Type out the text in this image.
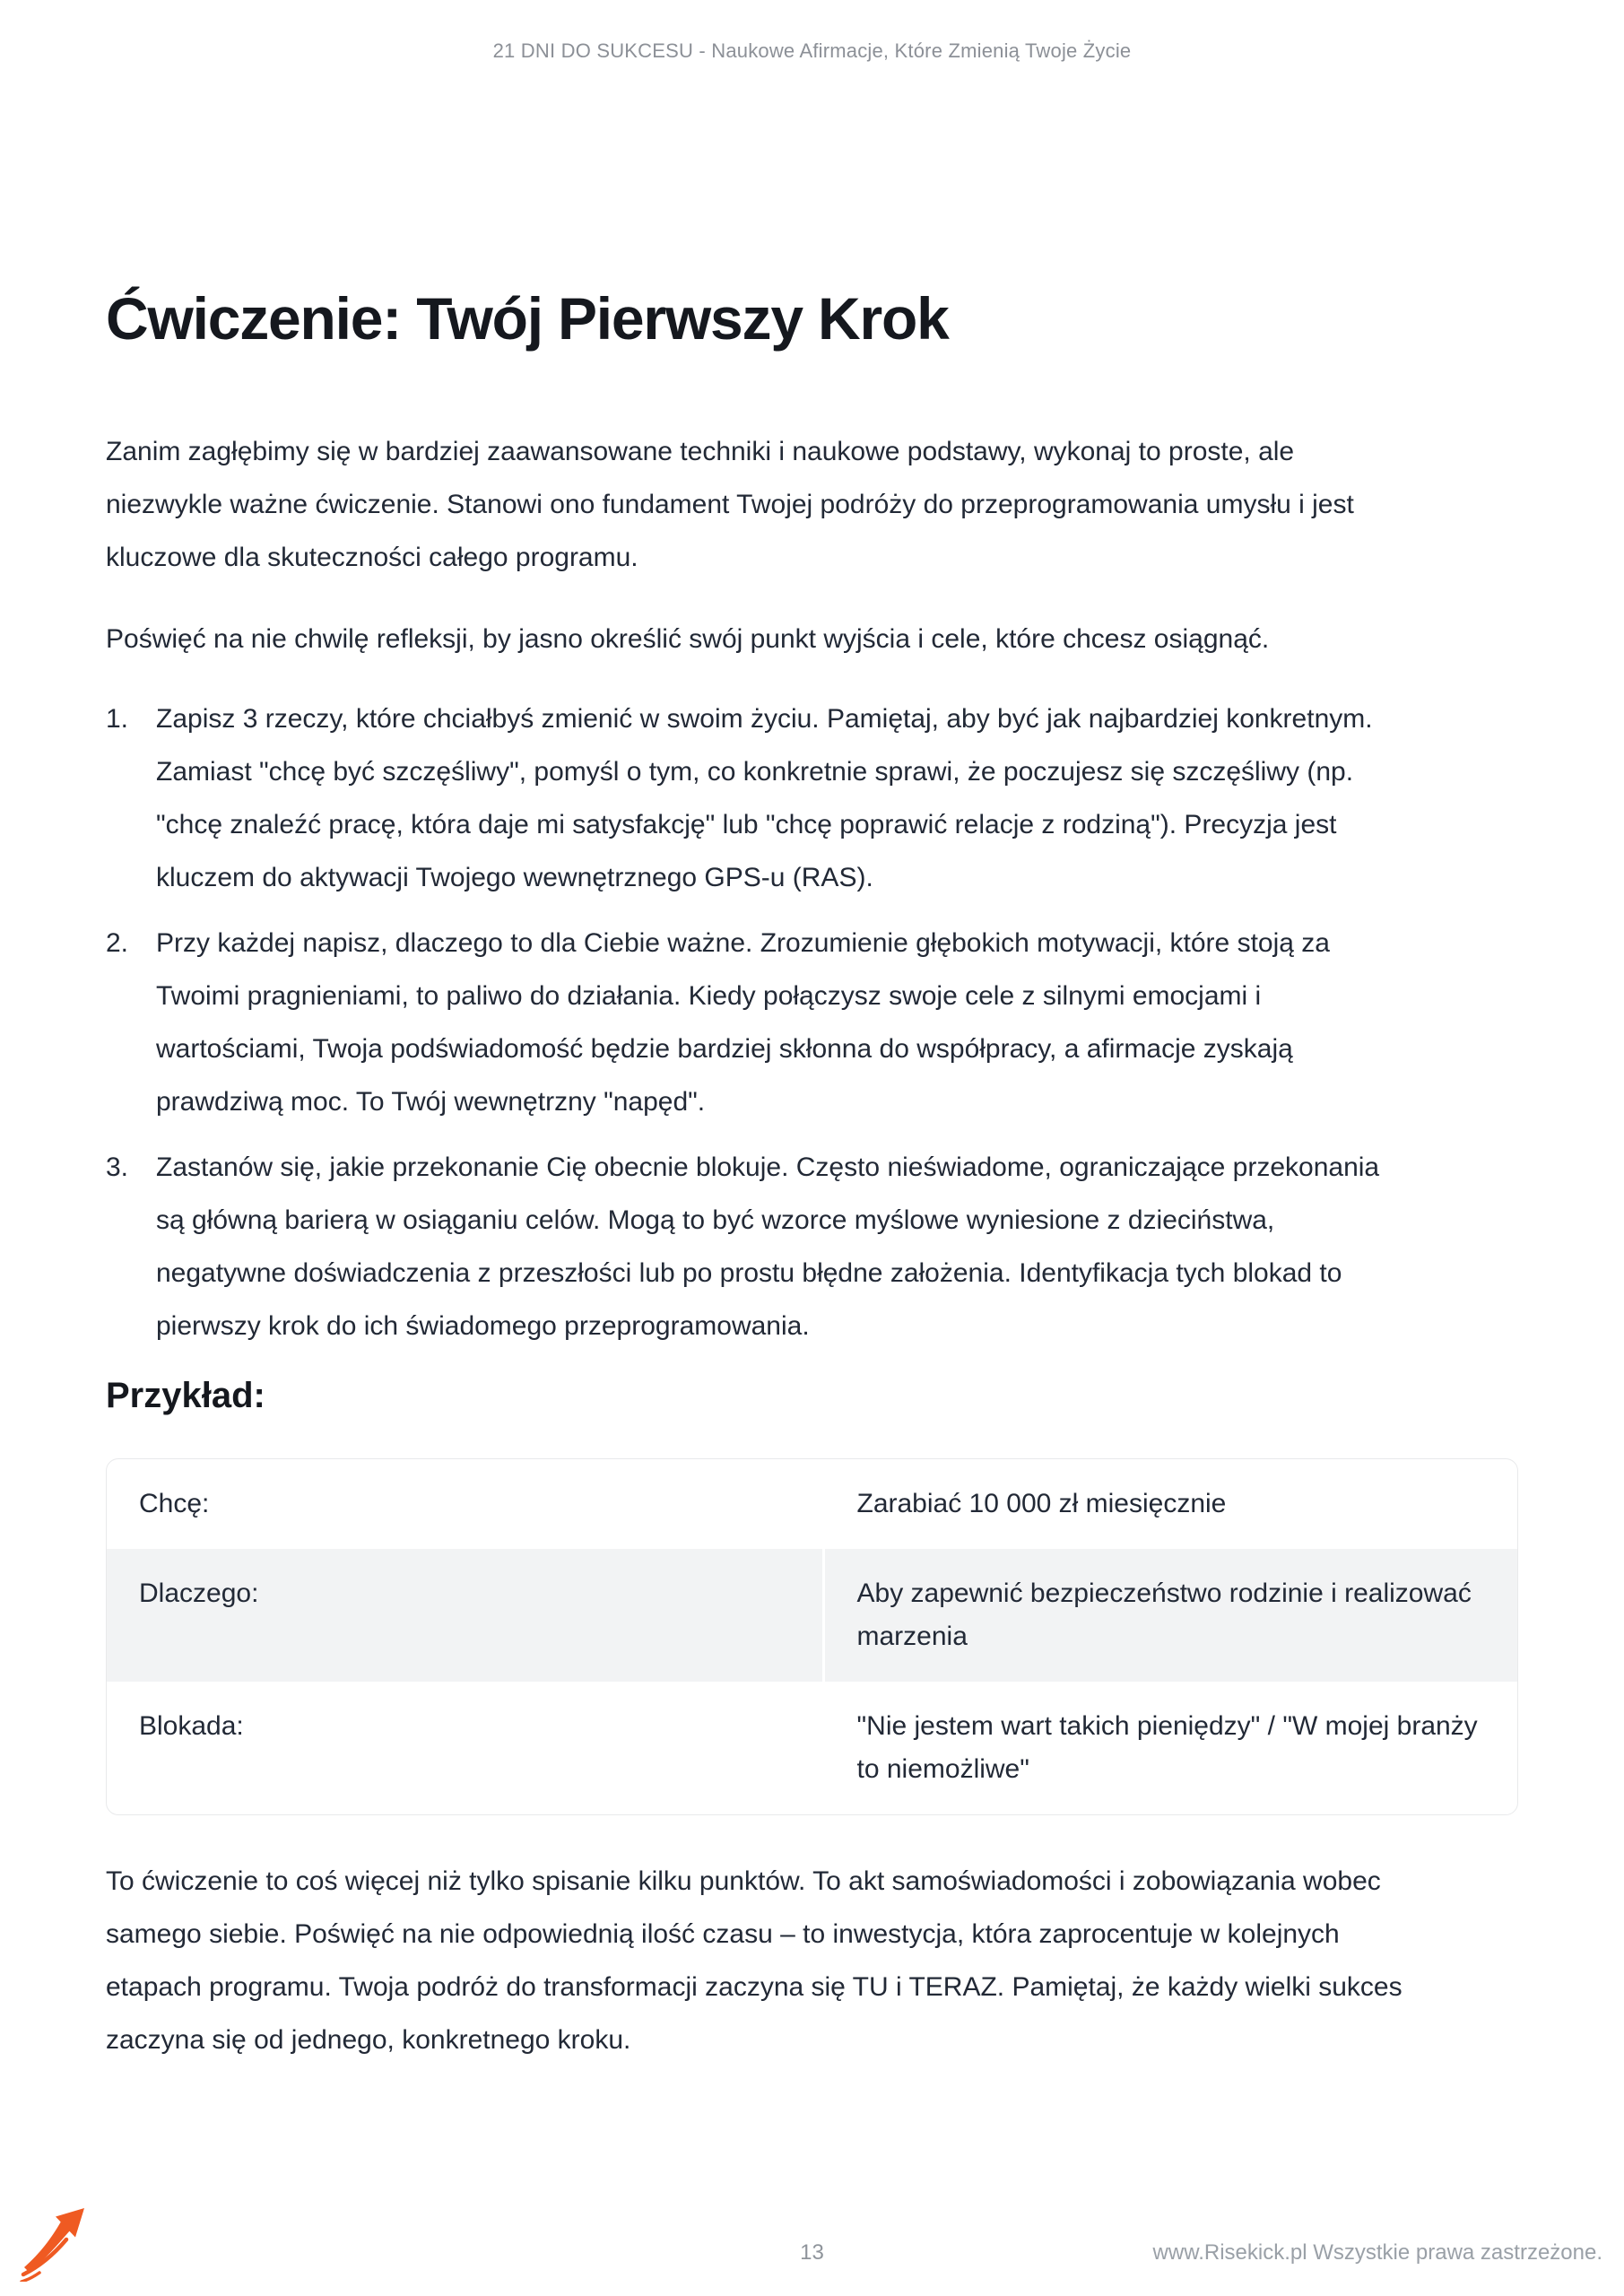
21 DNI DO SUKCESU - Naukowe Afirmacje, Które Zmienią Twoje Życie
Ćwiczenie: Twój Pierwszy Krok

Zanim zagłębimy się w bardziej zaawansowane techniki i naukowe podstawy, wykonaj to proste, ale niezwykle ważne ćwiczenie. Stanowi ono fundament Twojej podróży do przeprogramowania umysłu i jest kluczowe dla skuteczności całego programu.

Poświęć na nie chwilę refleksji, by jasno określić swój punkt wyjścia i cele, które chcesz osiągnąć.

1.	Zapisz 3 rzeczy, które chciałbyś zmienić w swoim życiu. Pamiętaj, aby być jak najbardziej konkretnym. Zamiast "chcę być szczęśliwy", pomyśl o tym, co konkretnie sprawi, że poczujesz się szczęśliwy (np. "chcę znaleźć pracę, która daje mi satysfakcję" lub "chcę poprawić relacje z rodziną"). Precyzja jest kluczem do aktywacji Twojego wewnętrznego GPS-u (RAS).
2.	Przy każdej napisz, dlaczego to dla Ciebie ważne. Zrozumienie głębokich motywacji, które stoją za Twoimi pragnieniami, to paliwo do działania. Kiedy połączysz swoje cele z silnymi emocjami i wartościami, Twoja podświadomość będzie bardziej skłonna do współpracy, a afirmacje zyskają prawdziwą moc. To Twój wewnętrzny "napęd".
3.	Zastanów się, jakie przekonanie Cię obecnie blokuje. Często nieświadome, ograniczające przekonania są główną barierą w osiąganiu celów. Mogą to być wzorce myślowe wyniesione z dzieciństwa, negatywne doświadczenia z przeszłości lub po prostu błędne założenia. Identyfikacja tych blokad to pierwszy krok do ich świadomego przeprogramowania.
Przykład:
Chcę:	Zarabiać 10 000 zł miesięcznie
Dlaczego:	Aby zapewnić bezpieczeństwo rodzinie i realizować marzenia
Blokada:	"Nie jestem wart takich pieniędzy" / "W mojej branży to niemożliwe"

To ćwiczenie to coś więcej niż tylko spisanie kilku punktów. To akt samoświadomości i zobowiązania wobec samego siebie. Poświęć na nie odpowiednią ilość czasu – to inwestycja, która zaprocentuje w kolejnych etapach programu. Twoja podróż do transformacji zaczyna się TU i TERAZ. Pamiętaj, że każdy wielki sukces zaczyna się od jednego, konkretnego kroku.

13	www.Risekick.pl Wszystkie prawa zastrzeżone.
